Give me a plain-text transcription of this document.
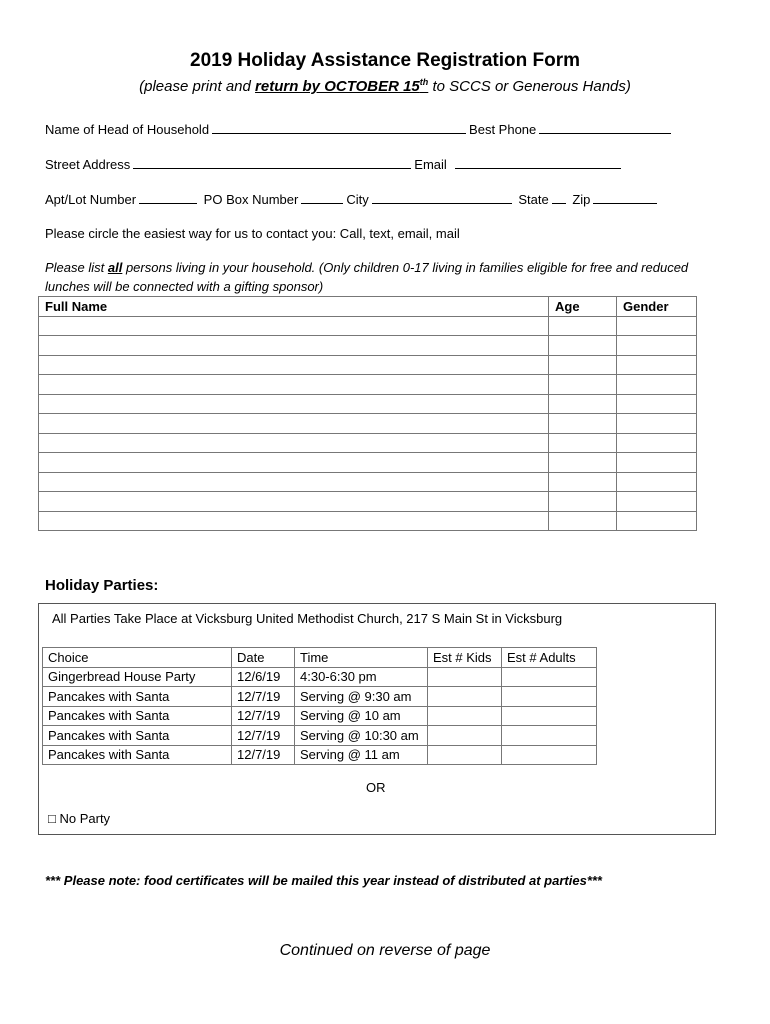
2019 Holiday Assistance Registration Form
(please print and return by OCTOBER 15th to SCCS or Generous Hands)
Name of Head of Household	Best Phone
Street Address	Email
Apt/Lot Number	PO Box Number	City	State Zip
Please circle the easiest way for us to contact you: Call, text, email, mail
Please list all persons living in your household. (Only children 0-17 living in families eligible for free and reduced
lunches will be connected with a gifting sponsor)
Full Name	Age	Gender

Holiday Parties:
All Parties Take Place at Vicksburg United Methodist Church, 217 S Main St in Vicksburg
Choice	Date	Time	Est # Kids	Est # Adults
Gingerbread House Party	12/6/19	4:30-6:30 pm		
Pancakes with Santa	12/7/19	Serving @ 9:30 am		
Pancakes with Santa	12/7/19	Serving @ 10 am		
Pancakes with Santa	12/7/19	Serving @ 10:30 am		
Pancakes with Santa	12/7/19	Serving @ 11 am		
OR
□ No Party
*** Please note: food certificates will be mailed this year instead of distributed at parties***
Continued on reverse of page
